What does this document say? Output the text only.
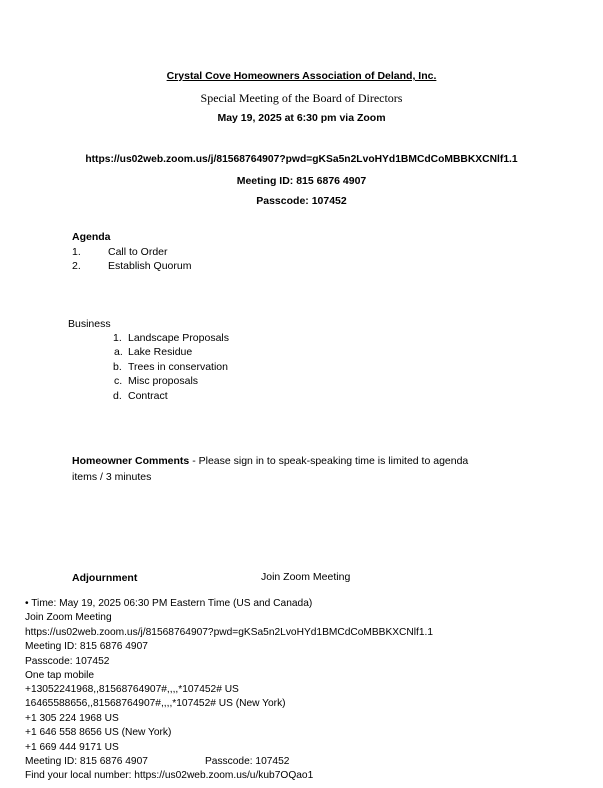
Crystal Cove Homeowners Association of Deland, Inc.
Special Meeting of the Board of Directors
May 19, 2025 at 6:30 pm via Zoom
https://us02web.zoom.us/j/81568764907?pwd=gKSa5n2LvoHYd1BMCdCoMBBKXCNlf1.1
Meeting ID: 815 6876 4907
Passcode: 107452
Agenda
1.	Call to Order
2.	Establish Quorum
Business
1. Landscape Proposals
a. Lake Residue
b. Trees in conservation
c. Misc proposals
d. Contract
Homeowner Comments - Please sign in to speak-speaking time is limited to agenda
items / 3 minutes
Adjournment	Join Zoom Meeting
• Time: May 19, 2025 06:30 PM Eastern Time (US and Canada)
Join Zoom Meeting
https://us02web.zoom.us/j/81568764907?pwd=gKSa5n2LvoHYd1BMCdCoMBBKXCNlf1.1
Meeting ID: 815 6876 4907
Passcode: 107452
One tap mobile
+13052241968,,81568764907#,,,,*107452# US
16465588656,,81568764907#,,,,*107452# US (New York)
+1 305 224 1968 US
+1 646 558 8656 US (New York)
+1 669 444 9171 US
Meeting ID: 815 6876 4907	Passcode: 107452
Find your local number: https://us02web.zoom.us/u/kub7OQao1
